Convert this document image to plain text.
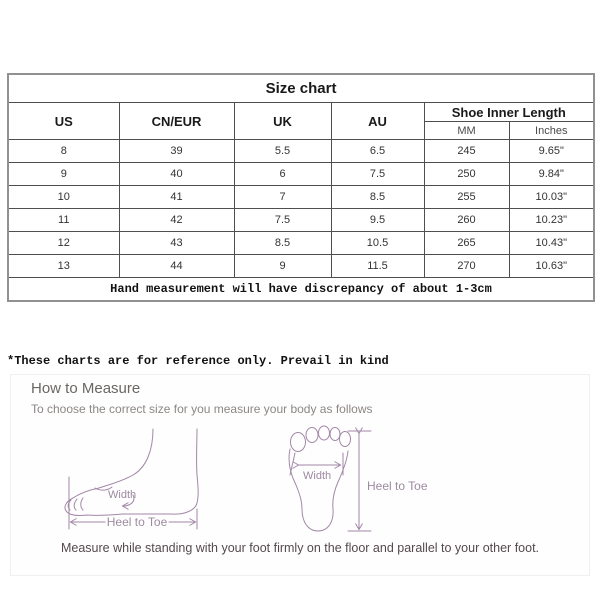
Size chart					
US	CN/EUR	UK	AU	Shoe Inner Length	
				MM	Inches
8	39	5.5	6.5	245	9.65"
9	40	6	7.5	250	9.84"
10	41	7	8.5	255	10.03"
11	42	7.5	9.5	260	10.23"
12	43	8.5	10.5	265	10.43"
13	44	9	11.5	270	10.63"
Hand measurement will have discrepancy of about 1-3cm					
*These charts are for reference only. Prevail in kind
How to Measure
To choose the correct size for you measure your body as follows
Width
Heel to Toe
Width
Heel to Toe
Measure while standing with your foot firmly on the floor and parallel to your other foot.
